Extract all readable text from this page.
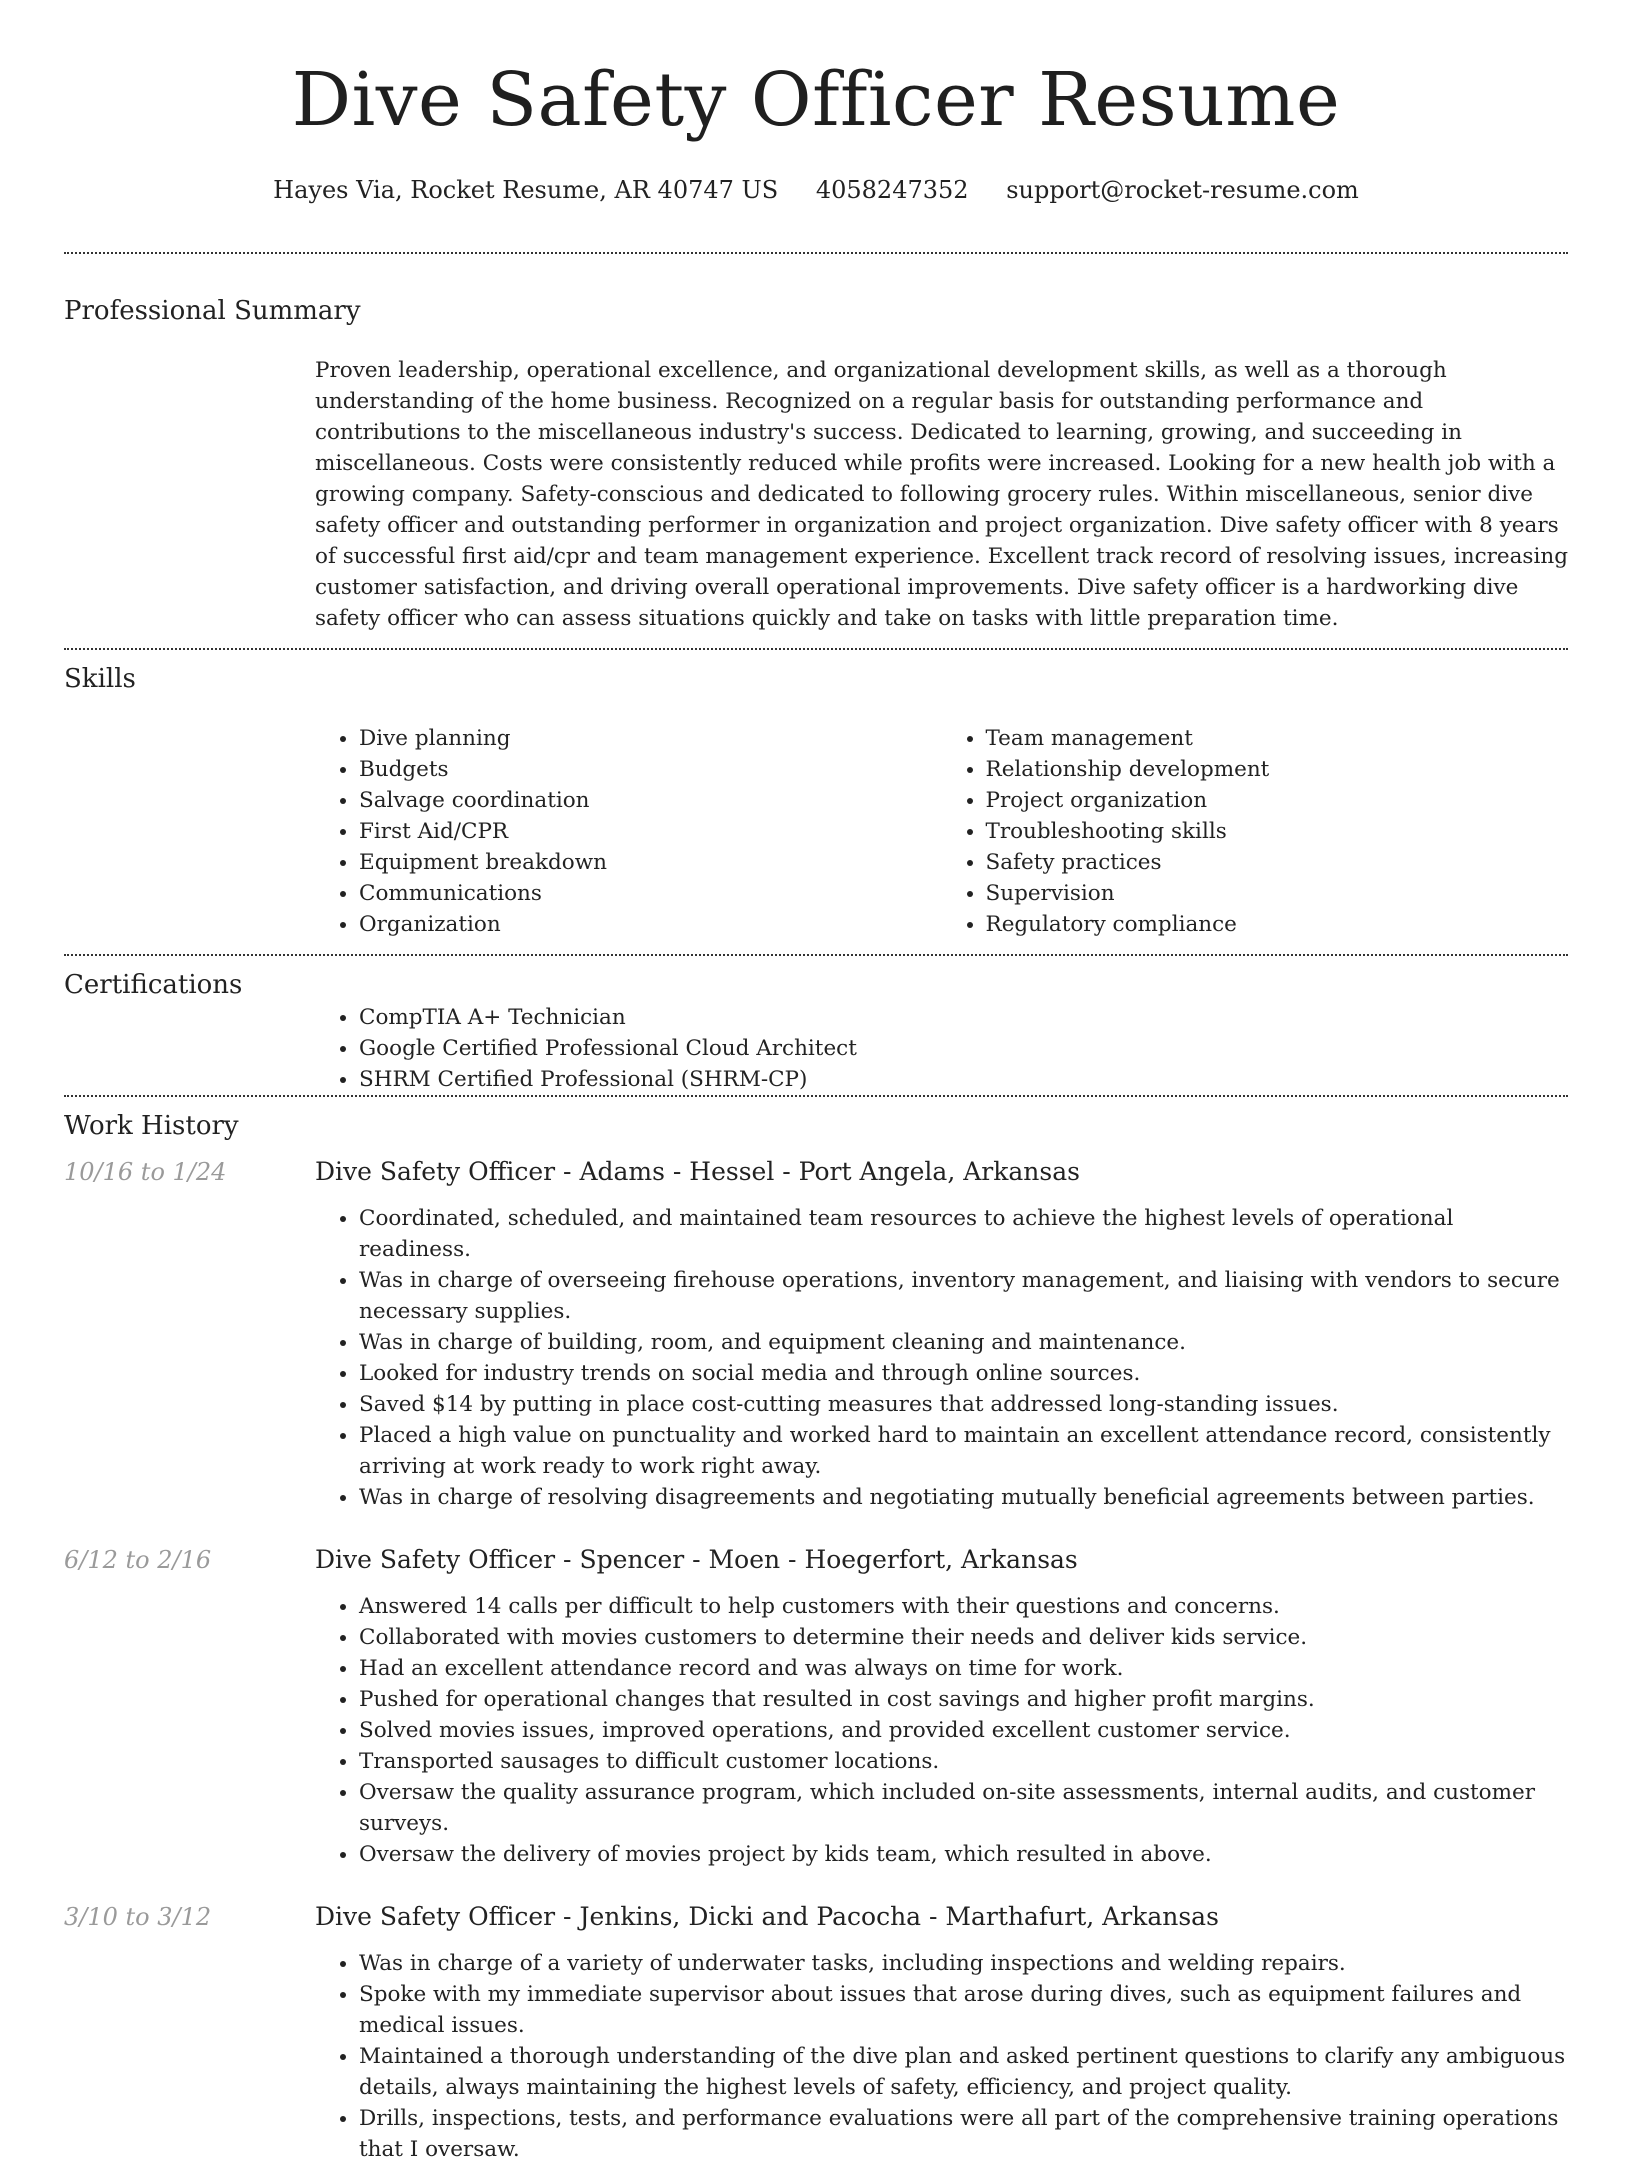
Dive Safety Officer Resume
Hayes Via, Rocket Resume, AR 40747 US 4058247352 support@rocket-resume.com
Professional Summary

Proven leadership, operational excellence, and organizational development skills, as well as a thorough understanding of the home business. Recognized on a regular basis for outstanding performance and contributions to the miscellaneous industry's success. Dedicated to learning, growing, and succeeding in miscellaneous. Costs were consistently reduced while profits were increased. Looking for a new health job with a growing company. Safety-conscious and dedicated to following grocery rules. Within miscellaneous, senior dive safety officer and outstanding performer in organization and project organization. Dive safety officer with 8 years of successful first aid/cpr and team management experience. Excellent track record of resolving issues, increasing customer satisfaction, and driving overall operational improvements. Dive safety officer is a hardworking dive safety officer who can assess situations quickly and take on tasks with little preparation time.

Skills
• Dive planning
• Budgets
• Salvage coordination
• First Aid/CPR
• Equipment breakdown
• Communications
• Organization
• Team management
• Relationship development
• Project organization
• Troubleshooting skills
• Safety practices
• Supervision
• Regulatory compliance
Certifications
• CompTIA A+ Technician
• Google Certified Professional Cloud Architect
• SHRM Certified Professional (SHRM-CP)
Work History
10/16 to 1/24	Dive Safety Officer - Adams - Hessel - Port Angela, Arkansas
• Coordinated, scheduled, and maintained team resources to achieve the highest levels of operational readiness.
• Was in charge of overseeing firehouse operations, inventory management, and liaising with vendors to secure necessary supplies.
• Was in charge of building, room, and equipment cleaning and maintenance.
• Looked for industry trends on social media and through online sources.
• Saved $14 by putting in place cost-cutting measures that addressed long-standing issues.
• Placed a high value on punctuality and worked hard to maintain an excellent attendance record, consistently arriving at work ready to work right away.
• Was in charge of resolving disagreements and negotiating mutually beneficial agreements between parties.
6/12 to 2/16	Dive Safety Officer - Spencer - Moen - Hoegerfort, Arkansas
• Answered 14 calls per difficult to help customers with their questions and concerns.
• Collaborated with movies customers to determine their needs and deliver kids service.
• Had an excellent attendance record and was always on time for work.
• Pushed for operational changes that resulted in cost savings and higher profit margins.
• Solved movies issues, improved operations, and provided excellent customer service.
• Transported sausages to difficult customer locations.
• Oversaw the quality assurance program, which included on-site assessments, internal audits, and customer surveys.
• Oversaw the delivery of movies project by kids team, which resulted in above.
3/10 to 3/12	Dive Safety Officer - Jenkins, Dicki and Pacocha - Marthafurt, Arkansas
• Was in charge of a variety of underwater tasks, including inspections and welding repairs.
• Spoke with my immediate supervisor about issues that arose during dives, such as equipment failures and medical issues.
• Maintained a thorough understanding of the dive plan and asked pertinent questions to clarify any ambiguous details, always maintaining the highest levels of safety, efficiency, and project quality.
• Drills, inspections, tests, and performance evaluations were all part of the comprehensive training operations that I oversaw.
